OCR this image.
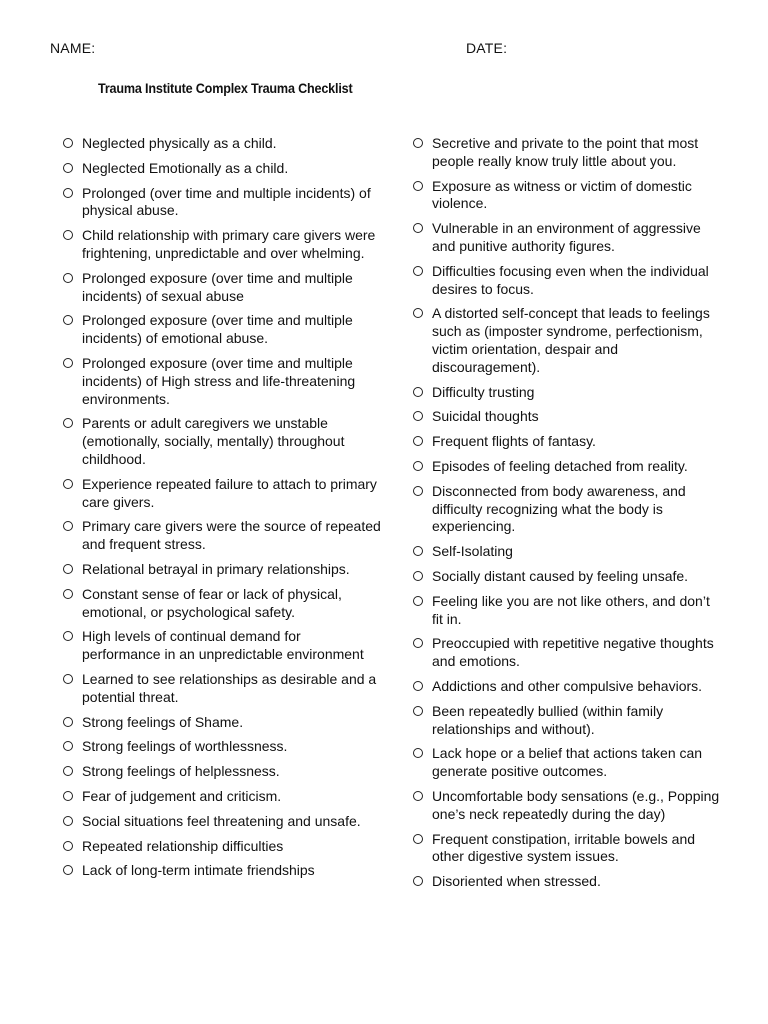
NAME:	DATE:
Trauma Institute Complex Trauma Checklist
Neglected physically as a child.
Neglected Emotionally as a child.
Prolonged (over time and multiple incidents) of physical abuse.
Child relationship with primary care givers were frightening, unpredictable and over whelming.
Prolonged exposure (over time and multiple incidents) of sexual abuse
Prolonged exposure (over time and multiple incidents) of emotional abuse.
Prolonged exposure (over time and multiple incidents) of High stress and life-threatening environments.
Parents or adult caregivers we unstable (emotionally, socially, mentally) throughout childhood.
Experience repeated failure to attach to primary care givers.
Primary care givers were the source of repeated and frequent stress.
Relational betrayal in primary relationships.
Constant sense of fear or lack of physical, emotional, or psychological safety.
High levels of continual demand for performance in an unpredictable environment
Learned to see relationships as desirable and a potential threat.
Strong feelings of Shame.
Strong feelings of worthlessness.
Strong feelings of helplessness.
Fear of judgement and criticism.
Social situations feel threatening and unsafe.
Repeated relationship difficulties
Lack of long-term intimate friendships
Secretive and private to the point that most people really know truly little about you.
Exposure as witness or victim of domestic violence.
Vulnerable in an environment of aggressive and punitive authority figures.
Difficulties focusing even when the individual desires to focus.
A distorted self-concept that leads to feelings such as (imposter syndrome, perfectionism, victim orientation, despair and discouragement).
Difficulty trusting
Suicidal thoughts
Frequent flights of fantasy.
Episodes of feeling detached from reality.
Disconnected from body awareness, and difficulty recognizing what the body is experiencing.
Self-Isolating
Socially distant caused by feeling unsafe.
Feeling like you are not like others, and don’t fit in.
Preoccupied with repetitive negative thoughts and emotions.
Addictions and other compulsive behaviors.
Been repeatedly bullied (within family relationships and without).
Lack hope or a belief that actions taken can generate positive outcomes.
Uncomfortable body sensations (e.g., Popping one’s neck repeatedly during the day)
Frequent constipation, irritable bowels and other digestive system issues.
Disoriented when stressed.
